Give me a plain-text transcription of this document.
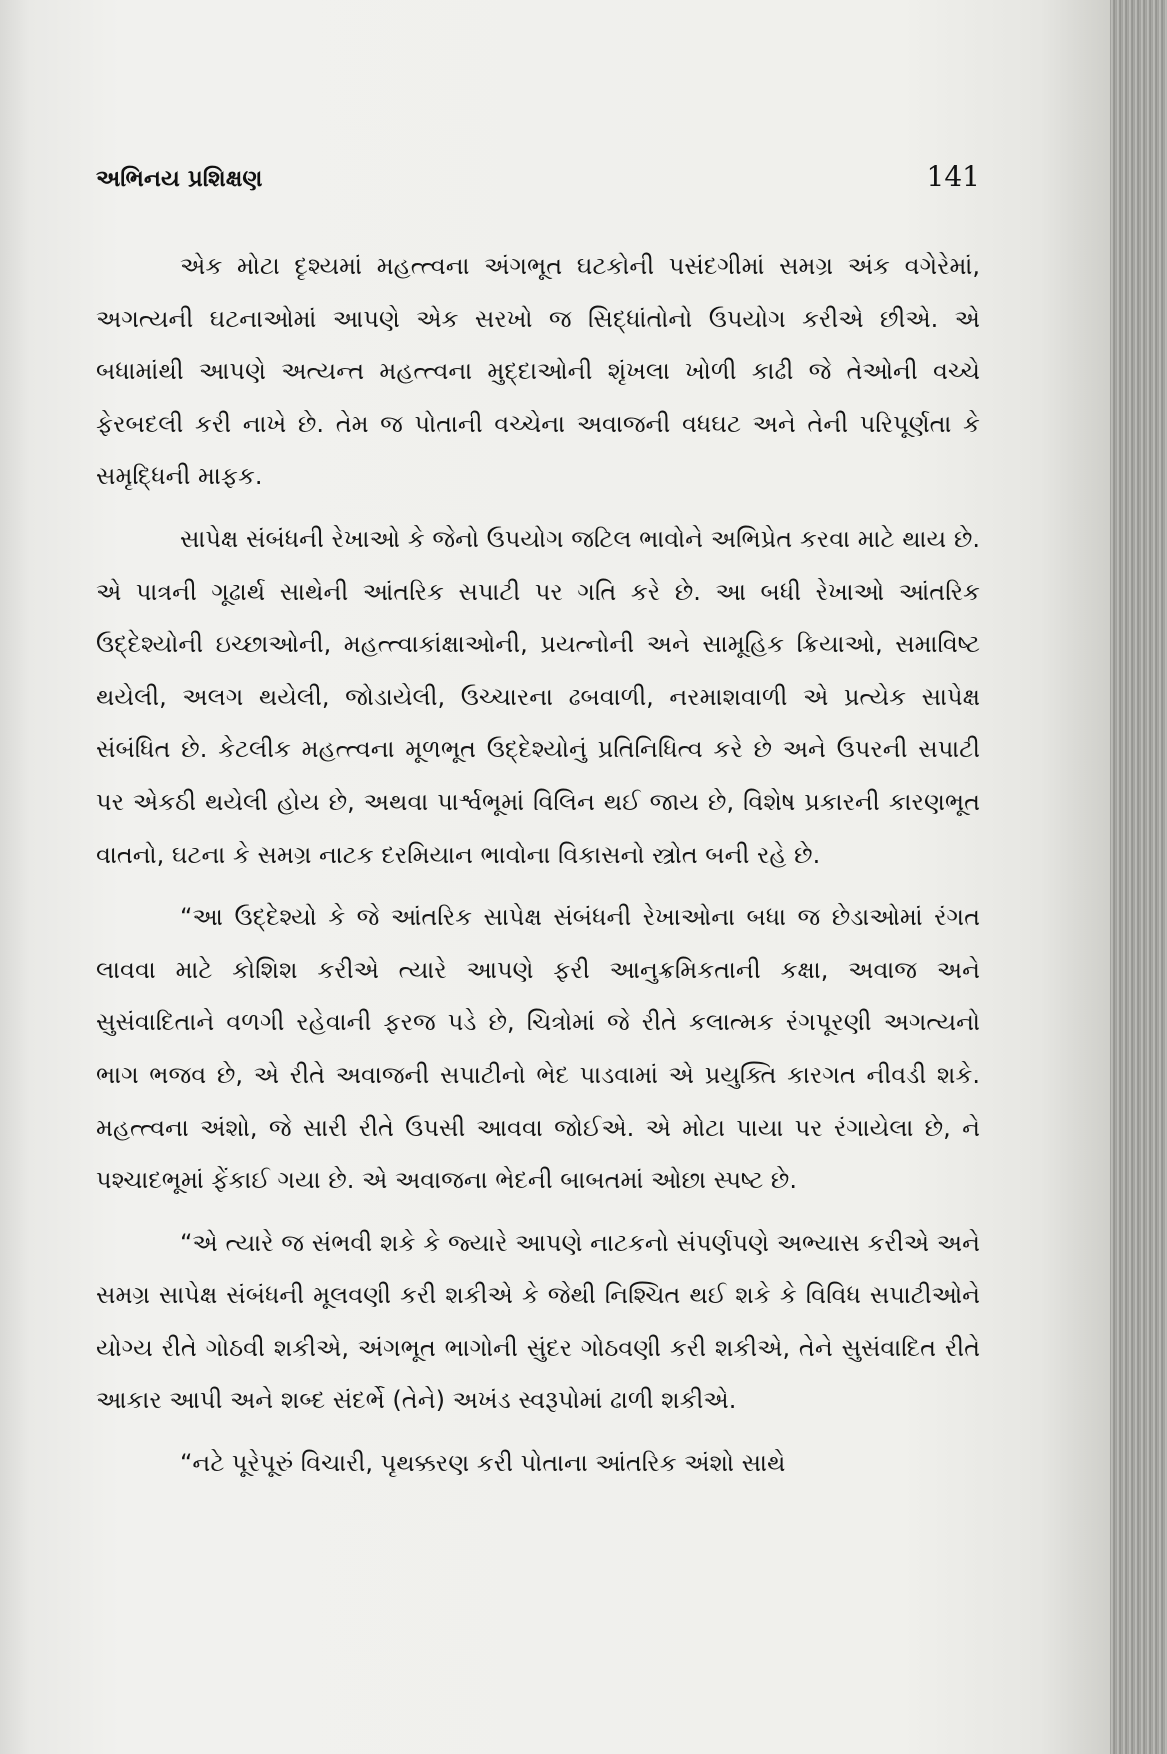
અભિનય પ્રશિક્ષણ	141

એક મોટા દૃશ્યમાં મહત્ત્વના અંગભૂત ઘટકોની પસંદગીમાં સમગ્ર અંક વગેરેમાં, અગત્યની ઘટનાઓમાં આપણે એક સરખો જ સિદ્ધાંતોનો ઉપયોગ કરીએ છીએ. એ બધામાંથી આપણે અત્યન્ત મહત્ત્વના મુદ્દાઓની શૃંખલા ખોળી કાઢી જે તેઓની વચ્ચે ફેરબદલી કરી નાખે છે. તેમ જ પોતાની વચ્ચેના અવાજની વધઘટ અને તેની પરિપૂર્ણતા કે સમૃદ્ધિની માફક.

સાપેક્ષ સંબંધની રેખાઓ કે જેનો ઉપયોગ જટિલ ભાવોને અભિપ્રેત કરવા માટે થાય છે. એ પાત્રની ગૂઢાર્થ સાથેની આંતરિક સપાટી પર ગતિ કરે છે. આ બધી રેખાઓ આંતરિક ઉદ્દેશ્યોની ઇચ્છાઓની, મહત્ત્વાકાંક્ષાઓની, પ્રયત્નોની અને સામૂહિક ક્રિયાઓ, સમાવિષ્ટ થયેલી, અલગ થયેલી, જોડાયેલી, ઉચ્ચારના ઢબવાળી, નરમાશવાળી એ પ્રત્યેક સાપેક્ષ સંબંધિત છે. કેટલીક મહત્ત્વના મૂળભૂત ઉદ્દેશ્યોનું પ્રતિનિધિત્વ કરે છે અને ઉપરની સપાટી પર એકઠી થયેલી હોય છે, અથવા પાર્શ્વભૂમાં વિલિન થઈ જાય છે, વિશેષ પ્રકારની કારણભૂત વાતનો, ઘટના કે સમગ્ર નાટક દરમિયાન ભાવોના વિકાસનો સ્ત્રોત બની રહે છે.

“આ ઉદ્દેશ્યો કે જે આંતરિક સાપેક્ષ સંબંધની રેખાઓના બધા જ છેડાઓમાં રંગત લાવવા માટે કોશિશ કરીએ ત્યારે આપણે ફરી આનુક્રમિકતાની કક્ષા, અવાજ અને સુસંવાદિતાને વળગી રહેવાની ફરજ પડે છે, ચિત્રોમાં જે રીતે કલાત્મક રંગપૂરણી અગત્યનો ભાગ ભજવ છે, એ રીતે અવાજની સપાટીનો ભેદ પાડવામાં એ પ્રયુક્તિ કારગત નીવડી શકે. મહત્ત્વના અંશો, જે સારી રીતે ઉપસી આવવા જોઈએ. એ મોટા પાયા પર રંગાયેલા છે, ને પશ્ચાદભૂમાં ફેંકાઈ ગયા છે. એ અવાજના ભેદની બાબતમાં ઓછા સ્પષ્ટ છે.

“એ ત્યારે જ સંભવી શકે કે જ્યારે આપણે નાટકનો સંપર્ણપણે અભ્યાસ કરીએ અને સમગ્ર સાપેક્ષ સંબંધની મૂલવણી કરી શકીએ કે જેથી નિશ્ચિત થઈ શકે કે વિવિધ સપાટીઓને યોગ્ય રીતે ગોઠવી શકીએ, અંગભૂત ભાગોની સુંદર ગોઠવણી કરી શકીએ, તેને સુસંવાદિત રીતે આકાર આપી અને શબ્દ સંદર્ભે (તેને) અખંડ સ્વરૂપોમાં ઢાળી શકીએ.

“નટે પૂરેપૂરું વિચારી, પૃથક્કરણ કરી પોતાના આંતરિક અંશો સાથે
